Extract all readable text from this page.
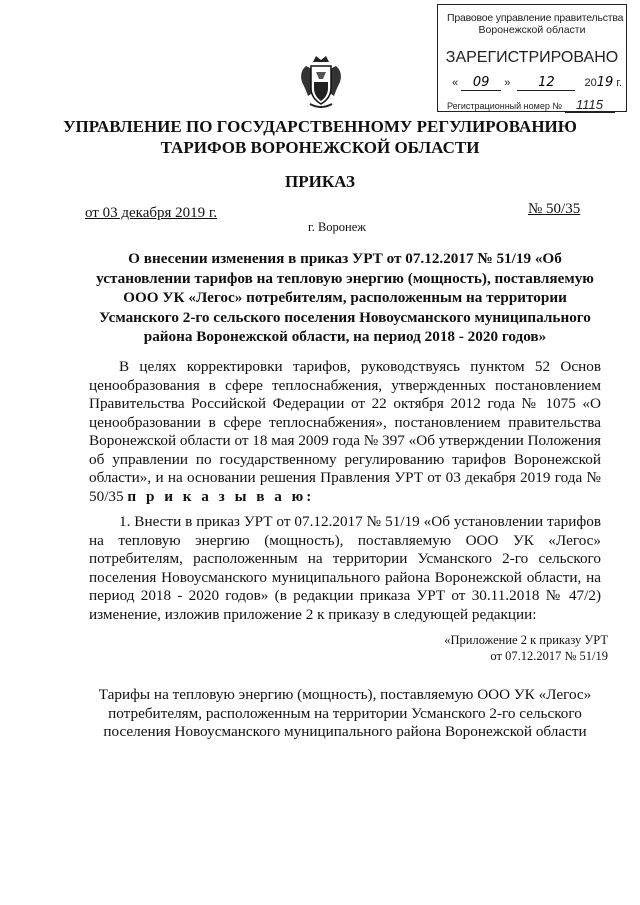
Правовое управление правительства
Воронежской области
ЗАРЕГИСТРИРОВАНО
« 09 » 12	2019 г.
Регистрационный номер № 1115
УПРАВЛЕНИЕ ПО ГОСУДАРСТВЕННОМУ РЕГУЛИРОВАНИЮ
ТАРИФОВ ВОРОНЕЖСКОЙ ОБЛАСТИ
ПРИКАЗ
от 03 декабря 2019 г.	№ 50/35
г. Воронеж
О внесении изменения в приказ УРТ от 07.12.2017 № 51/19 «Об установлении тарифов на тепловую энергию (мощность), поставляемую ООО УК «Легос» потребителям, расположенным на территории Усманского 2-го сельского поселения Новоусманского муниципального района Воронежской области, на период 2018 - 2020 годов»
В целях корректировки тарифов, руководствуясь пунктом 52 Основ ценообразования в сфере теплоснабжения, утвержденных постановлением Правительства Российской Федерации от 22 октября 2012 года № 1075 «О ценообразовании в сфере теплоснабжения», постановлением правительства Воронежской области от 18 мая 2009 года № 397 «Об утверждении Положения об управлении по государственному регулированию тарифов Воронежской области», и на основании решения Правления УРТ от 03 декабря 2019 года № 50/35 п р и к а з ы в а ю:
1. Внести в приказ УРТ от 07.12.2017 № 51/19 «Об установлении тарифов на тепловую энергию (мощность), поставляемую ООО УК «Легос» потребителям, расположенным на территории Усманского 2-го сельского поселения Новоусманского муниципального района Воронежской области, на период 2018 - 2020 годов» (в редакции приказа УРТ от 30.11.2018 № 47/2) изменение, изложив приложение 2 к приказу в следующей редакции:
«Приложение 2 к приказу УРТ
от 07.12.2017 № 51/19
Тарифы на тепловую энергию (мощность), поставляемую ООО УК «Легос» потребителям, расположенным на территории Усманского 2-го сельского поселения Новоусманского муниципального района Воронежской области
